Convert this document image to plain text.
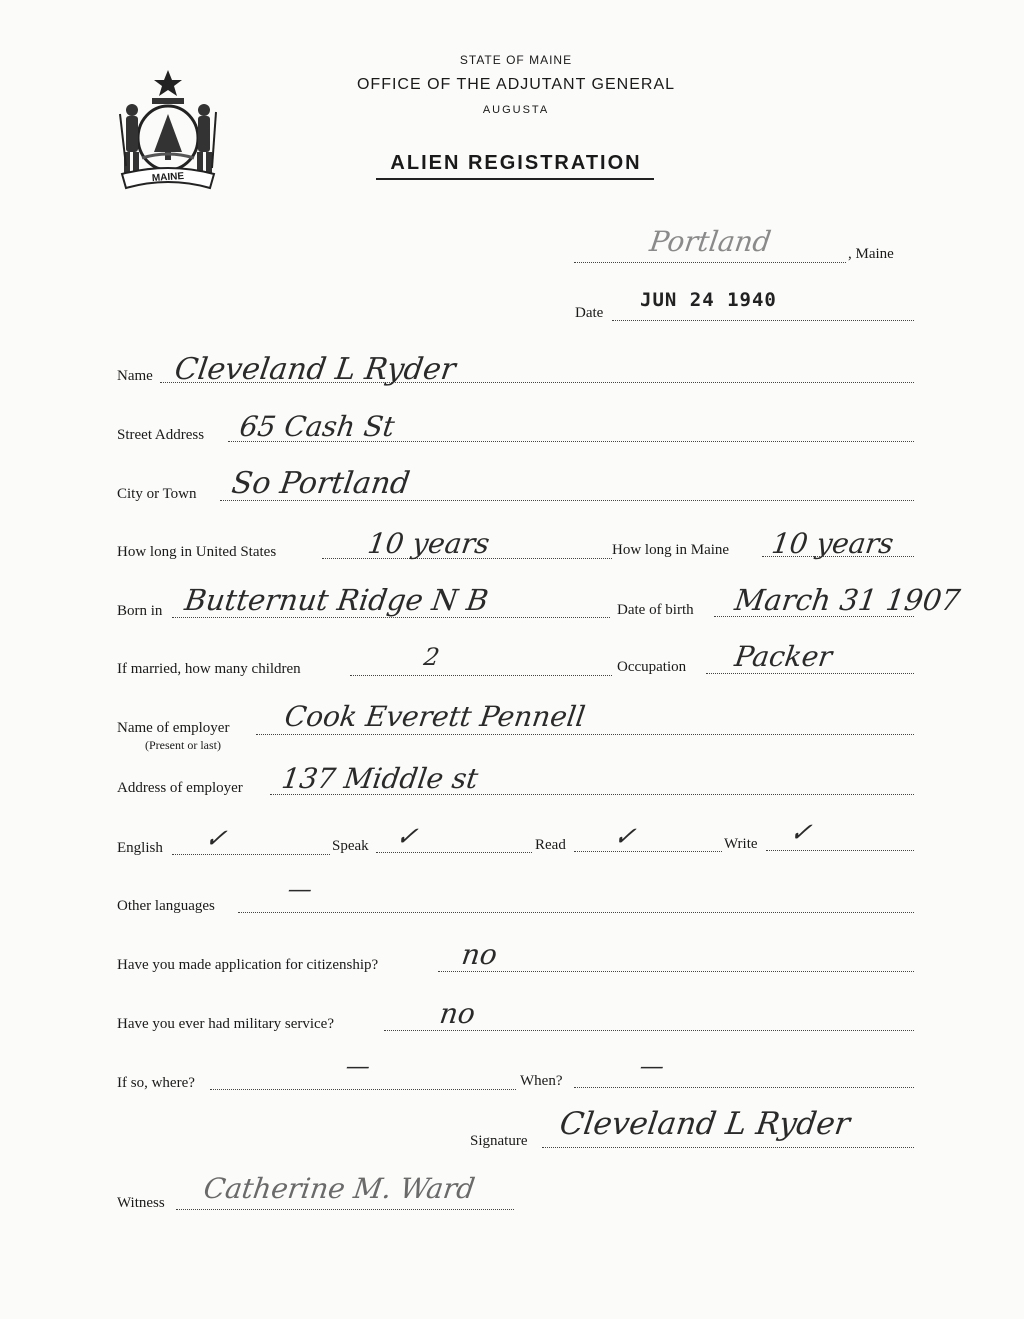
STATE OF MAINE
OFFICE OF THE ADJUTANT GENERAL
AUGUSTA
ALIEN REGISTRATION
MAINE
Portland	, Maine
Date
JUN 24 1940
Name Cleveland L Ryder
Street Address 65 Cash St
City or Town So Portland
How long in United States	10 years	How long in Maine 10 years
Born in Butternut Ridge N B	Date of birth March 31 1907
If married, how many children	2	Occupation Packer
Name of employer
(Present or last)
Cook Everett Pennell
Address of employer 137 Middle st
English ✓	Speak ✓	Read ✓	Write ✓
Other languages
—
Have you made application for citizenship?	no
Have you ever had military service?	no
If so, where?
—
When?
—
Signature Cleveland L Ryder
Witness Catherine M. Ward
